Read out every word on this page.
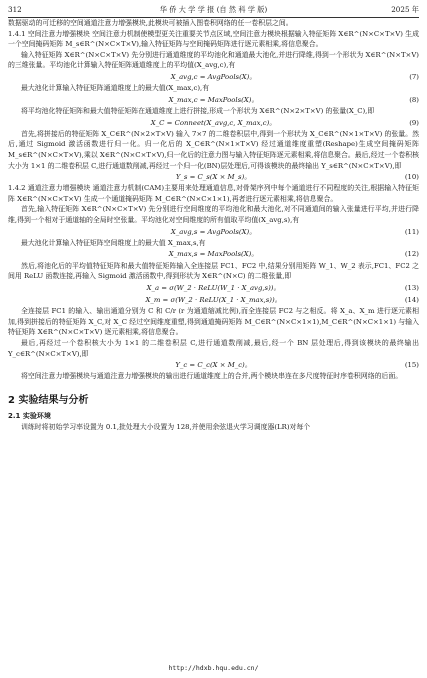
312	华 侨 大 学 学 报 (自 然 科 学 版)	2025 年

数据驱动的可迁移的空间通道注意力增强模块,此模块可被插入图卷积网络的任一卷积层之间。

1.4.1 空间注意力增强模块 空间注意力机制使模型更关注重要关节点区域,空间注意力模块根据输入特征矩阵 X∈R^(N×C×T×V) 生成一个空间掩码矩阵 M_s∈R^(N×C×T×V),输入特征矩阵与空间掩码矩阵进行逐元素相乘,将信息聚合。

输入特征矩阵 X∈R^(N×C×T×V) 先分别进行通道维度的平均池化和通道最大池化,并进行降维,得到一个形状为 X∈R^(N×T×V) 的三维张量。平均池化计算输入特征矩阵通道维度上的平均值(X_avg,c),有

X_avg,c = AvgPools(X)。	(7)

最大池化计算输入特征矩阵通道维度上的最大值(X_max,c),有

X_max,c = MaxPools(X)。	(8)

将平均池化特征矩阵和最大值特征矩阵在通道维度上进行拼接,形成一个形状为 X∈R^(N×2×T×V) 的张量(X_C),即

X_C = Conneet(X_avg,c, X_max,c)。	(9)

首先,将拼接后的特征矩阵 X_C∈R^(N×2×T×V) 输入 7×7 的二维卷积层中,得到一个形状为 X_C∈R^(N×1×T×V) 的张量。然后,通过 Sigmoid 激活函数进行归一化。归一化后的 X_C∈R^(N×1×T×V) 经过通道维度重塑(Reshape)生成空间掩码矩阵 M_s∈R^(N×C×T×V),乘以 X∈R^(N×C×T×V),归一化后的注意力图与输入特征矩阵逐元素相乘,将信息聚合。最后,经过一个卷积核大小为 1×1 的二维卷积层 C,进行通道数削减,再经过一个归一化(BN)层处理后,可得该模块的最终输出 Y_s∈R^(N×C×T×V),即

Y_s = C_s(X × M_s)。	(10)

1.4.2 通道注意力增强模块 通道注意力机制(CAM)主要用来处理通道信息,对骨架序列中每个通道进行不同程度的关注,根据输入特征矩阵 X∈R^(N×C×T×V) 生成一个通道掩码矩阵 M_C∈R^(N×C×1×1),再者进行逐元素相乘,将信息聚合。

首先,输入特征矩阵 X∈R^(N×C×T×V) 先分别进行空间维度的平均池化和最大池化,对不同通道间的输入张量进行平均,并进行降维,得到一个相对于通道轴的全局时空张量。平均池化对空间维度的所有值取平均值(X_avg,s),有

X_avg,s = AvgPools(X)。	(11)

最大池化计算输入特征矩阵空间维度上的最大值 X_max,s,有

X_max,s = MaxPools(X)。	(12)

然后,将池化后的平均值特征矩阵和最大值特征矩阵输入全连接层 FC1、FC2 中,结果分别用矩阵 W_1、W_2 表示,FC1、FC2 之间用 ReLU 函数连接,再输入 Sigmoid 激活函数中,得到形状为 X∈R^(N×C) 的二维张量,即

X_a = σ(W_2 · ReLU(W_1 · X_avg,s))。	(13)
X_m = σ(W_2 · ReLU(X_1 · X_max,s))。	(14)

全连接层 FC1 的输入、输出通道分别为 C 和 C/r (r 为通道缩减比例),而全连接层 FC2 与之相反。将 X_a、X_m 进行逐元素相加,得到拼接后的特征矩阵 X_C,对 X_C 经过空间维度重塑,得到通道掩码矩阵 M_C∈R^(N×C×1×1),M_C∈R^(N×C×1×1) 与输入特征矩阵 X∈R^(N×C×T×V) 逐元素相乘,将信息聚合。

最后,再经过一个卷积核大小为 1×1 的二维卷积层 C,进行通道数削减,最后,经一个 BN 层处理后,得到该模块的最终输出 Y_c∈R^(N×C×T×V),即

Y_c = C_c(X × M_c)。	(15)

将空间注意力增强模块与通道注意力增强模块的输出进行通道维度上的合并,两个模块串连在多尺度特征时序卷积网络的后面。

2 实验结果与分析
2.1 实验环境

训练时将初始学习率设置为 0.1,批处理大小设置为 128,并使用余弦退火学习调度器(LR)对每个

http://hdxb.hqu.edu.cn/
